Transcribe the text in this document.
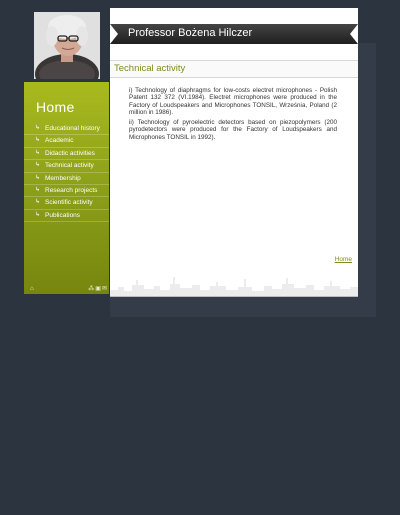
Home
↳ Educational history
↳ Academic
↳ Didactic activities
↳ Technical activity
↳ Membership
↳ Research projects
↳ Scientific activity
↳ Publications
⌂	⁂▣✉
Professor Bożena Hilczer
Technical activity

i) Technology of diaphragms for low-costs electret microphones - Polish Patent 132 372 (VI.1984). Electret microphones were produced in the Factory of Loudspeakers and Microphones TONSIL, Września, Poland (2 million in 1986).

ii) Technology of pyroelectric detectors based on piezopolymers (200 pyrodetectors were produced for the Factory of Loudspeakers and Microphones TONSIL in 1992).

Home
